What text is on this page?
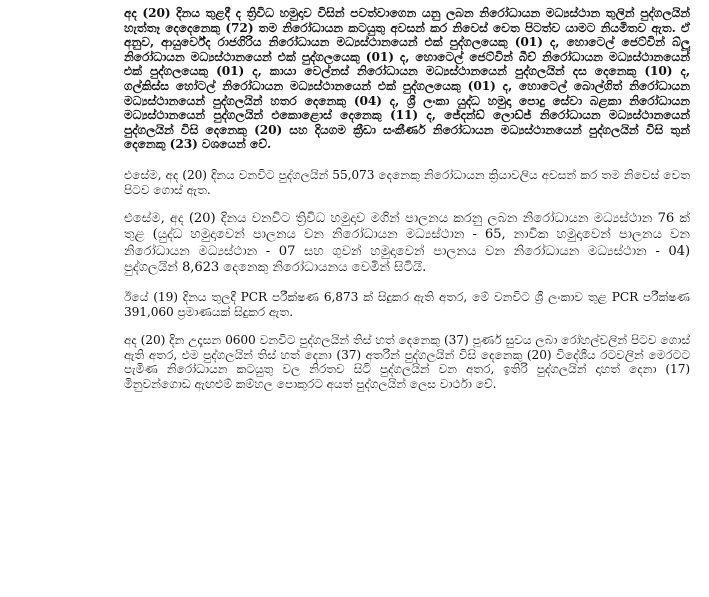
අද (20) දිනය තුළදී ද ත්‍රිවිධ හමුදාව විසින් පවත්වාගෙන යනු ලබන නිරෝධායන මධ්‍යස්ථාන තුලින් පුද්ගලයින් හැත්තෑ දෙදෙනෙකු (72) තම නිරෝධායන කටයුතු අවසන් කර නිවෙස් වෙත පිටත්ව යාමට නියමිතව ඇත. ඒ අනුව, ආයුර්වේද රාජගිරිය නිරෝධායන මධ්‍යස්ථානයෙන් එක් පුද්ගලයෙකු (01) ද, හොටෙල් ජෙට්වින් බ්ලූ නිරෝධායන මධ්‍යස්ථානයෙන් එක් පුද්ගලයෙකු (01) ද, හොටෙල් ජෙට්වින් බීච් නිරෝධායන මධ්‍යස්ථානයෙන් එක් පුද්ගලයෙකු (01) ද, කායා වෙල්නස් නිරෝධායන මධ්‍යස්ථානයෙන් පුද්ගලයින් දස දෙනෙකු (10) ද, ගල්කිස්ස හෝටල් නිරෝධායන මධ්‍යස්ථානයෙන් එක් පුද්ගලයෙකු (01) ද, හොටෙල් බොල්ගිත් නිරෝධායන මධ්‍යස්ථානයෙන් පුද්ගලයින් හතර දෙනෙකු (04) ද, ශ්‍රී ලංකා යුද්ධ හමුදා පොදු සේවා බළකා නිරෝධායන මධ්‍යස්ථානයෙන් පුද්ගලයින් එකොළොස් දෙනෙකු (11) ද, ජේදන්ඩ් ලොඩ්ජ් නිරෝධායන මධ්‍යස්ථානයෙන් පුද්ගලයින් විසි දෙනෙකු (20) සහ දියගම ක්‍රීඩා සංකීර්ණ නිරෝධායන මධ්‍යස්ථානයෙන් පුද්ගලයින් විසි තුන් දෙනෙකු (23) වශයෙන් වේ.

එසේම, අද (20) දිනය වනවිට පුද්ගලයින් 55,073 දෙනෙකු නිරෝධායන ක්‍රියාවලිය අවසන් කර තම නිවෙස් වෙත පිටව ගොස් ඇත.

එසේම, අද (20) දිනය වනවිට ත්‍රිවිධ හමුදාව මගින් පාලනය කරනු ලබන නිරෝධායන මධ්‍යස්ථාන 76 ක් තුළ (යුද්ධ හමුදාවෙන් පාලනය වන නිරෝධායන මධ්‍යස්ථාන - 65, නාවික හමුදාවෙන් පාලනය වන නිරෝධායන මධ්‍යස්ථාන - 07 සහ ගුවන් හමුදාවෙන් පාලනය වන නිරෝධායන මධ්‍යස්ථාන - 04) පුද්ගලයින් 8,623 දෙනෙකු නිරෝධායනය වෙමින් සිටියි.

ඊයේ (19) දිනය තුලදී PCR පරීක්ෂණ 6,873 ක් සිදුකර ඇති අතර, මේ වනවිට ශ්‍රී ලංකාව තුළ PCR පරීක්ෂණ 391,060 ප්‍රමාණයක් සිදුකර ඇත.

අද (20) දින උදෑසන 0600 වනවිට පුද්ගලයින් තිස් හත් දෙනෙකු (37) පූර්ණ සුවය ලබා රෝහල්වලින් පිටව ගොස් ඇති අතර, එම පුද්ගලයින් තිස් හත් දෙනා (37) අතරින් පුද්ගලයින් විසි දෙනෙකු (20) විදේශීය රටවලින් මෙරටට පැමිණ නිරෝධායන කටයුතු වල නිරතව සිටි පුද්ගලයින් වන අතර, ඉතිරි පුද්ගලයින් දාහත් දෙනා (17) මිනුවන්ගොඩ ඇඟළුම් කම්හල පොකුරට අයත් පුද්ගලයින් ලෙස වාර්ථා වේ.
